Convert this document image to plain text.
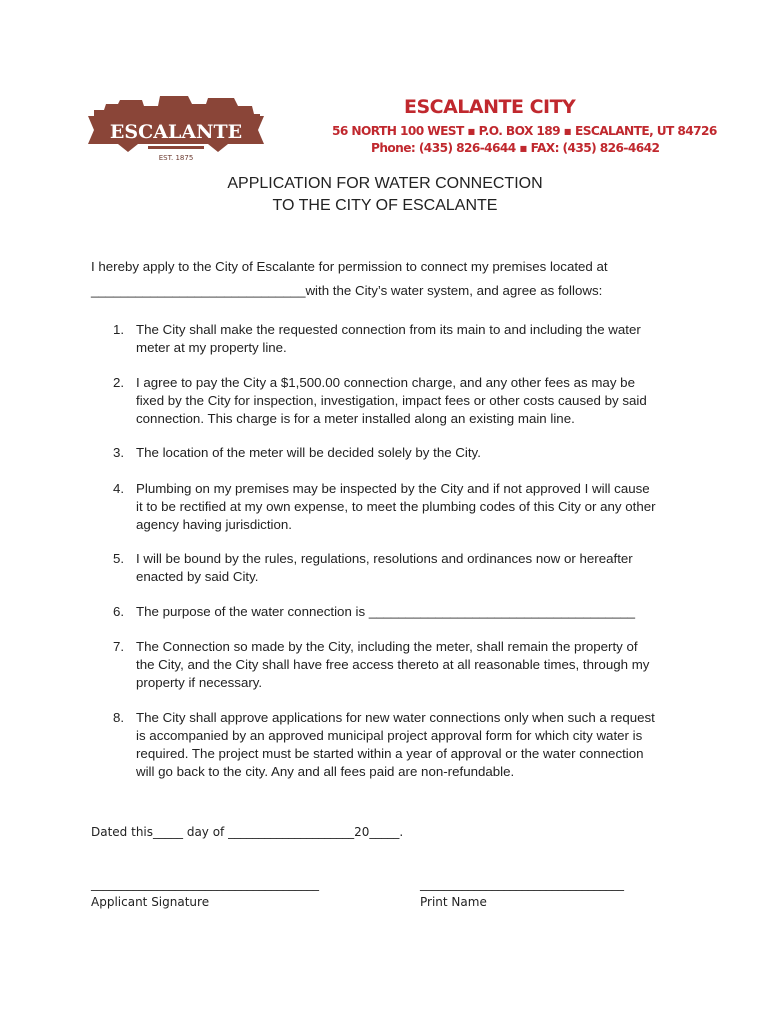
ESCALANTE
EST. 1875
ESCALANTE CITY
56 NORTH 100 WEST ▪ P.O. BOX 189 ▪ ESCALANTE, UT 84726
Phone: (435) 826-4644 ▪ FAX: (435) 826-4642
APPLICATION FOR WATER CONNECTION
TO THE CITY OF ESCALANTE
I hereby apply to the City of Escalante for permission to connect my premises located at
_____________________________with the City’s water system, and agree as follows:
1. The City shall make the requested connection from its main to and including the water
meter at my property line.
2. I agree to pay the City a $1,500.00 connection charge, and any other fees as may be
fixed by the City for inspection, investigation, impact fees or other costs caused by said
connection. This charge is for a meter installed along an existing main line.
3. The location of the meter will be decided solely by the City.
4. Plumbing on my premises may be inspected by the City and if not approved I will cause
it to be rectified at my own expense, to meet the plumbing codes of this City or any other
agency having jurisdiction.
5. I will be bound by the rules, regulations, resolutions and ordinances now or hereafter
enacted by said City.
6. The purpose of the water connection is ____________________________________
7. The Connection so made by the City, including the meter, shall remain the property of
the City, and the City shall have free access thereto at all reasonable times, through my
property if necessary.
8. The City shall approve applications for new water connections only when such a request
is accompanied by an approved municipal project approval form for which city water is
required. The project must be started within a year of approval or the water connection
will go back to the city. Any and all fees paid are non-refundable.
Dated this_____ day of _____________________20_____.
______________________________________
Applicant Signature
__________________________________
Print Name
